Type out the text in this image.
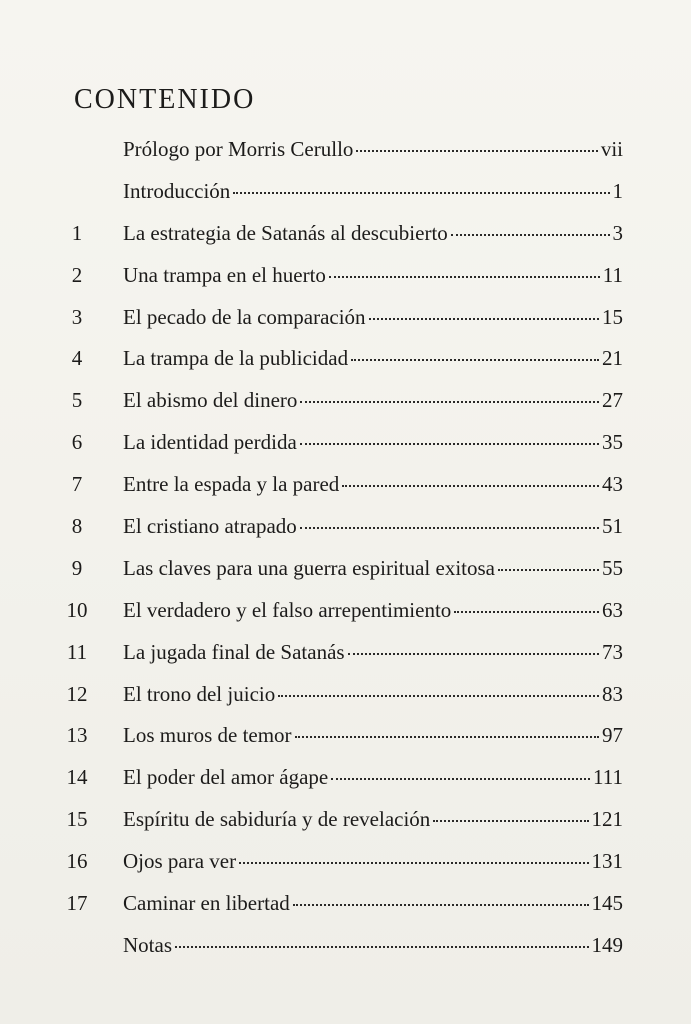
CONTENIDO
Prólogo por Morris Cerullo	vii
Introducción	1
1	La estrategia de Satanás al descubierto	3
2	Una trampa en el huerto	11
3	El pecado de la comparación	15
4	La trampa de la publicidad	21
5	El abismo del dinero	27
6	La identidad perdida	35
7	Entre la espada y la pared	43
8	El cristiano atrapado	51
9	Las claves para una guerra espiritual exitosa	55
10 El verdadero y el falso arrepentimiento	63
11 La jugada final de Satanás	73
12 El trono del juicio	83
13 Los muros de temor	97
14 El poder del amor ágape	111
15 Espíritu de sabiduría y de revelación	121
16 Ojos para ver	131
17 Caminar en libertad	145
Notas	149
